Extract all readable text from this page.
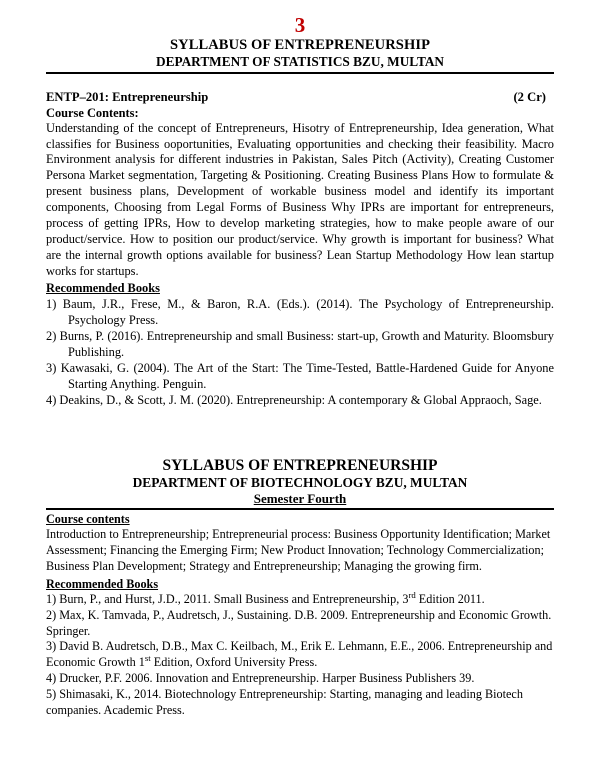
3
SYLLABUS OF ENTREPRENEURSHIP
DEPARTMENT OF STATISTICS BZU, MULTAN
ENTP–201: Entrepreneurship	(2 Cr)
Course Contents:

Understanding of the concept of Entrepreneurs, Hisotry of Entrepreneurship, Idea generation, What classifies for Business ooportunities, Evaluating opportunities and checking their feasibility. Macro Environment analysis for different industries in Pakistan, Sales Pitch (Activity), Creating Customer Persona Market segmentation, Targeting & Positioning. Creating Business Plans How to formulate & present business plans, Development of workable business model and identify its important components, Choosing from Legal Forms of Business Why IPRs are important for entrepreneurs, process of getting IPRs, How to develop marketing strategies, how to make people aware of our product/service. How to position our product/service. Why growth is important for business? What are the internal growth options available for business? Lean Startup Methodology How lean startup works for startups.

Recommended Books
1) Baum, J.R., Frese, M., & Baron, R.A. (Eds.). (2014). The Psychology of Entrepreneurship. Psychology Press.
2) Burns, P. (2016). Entrepreneurship and small Business: start-up, Growth and Maturity. Bloomsbury Publishing.
3) Kawasaki, G. (2004). The Art of the Start: The Time-Tested, Battle-Hardened Guide for Anyone Starting Anything. Penguin.
4) Deakins, D., & Scott, J. M. (2020). Entrepreneurship: A contemporary & Global Appraoch, Sage.
SYLLABUS OF ENTREPRENEURSHIP
DEPARTMENT OF BIOTECHNOLOGY BZU, MULTAN
Semester Fourth
Course contents

Introduction to Entrepreneurship; Entrepreneurial process: Business Opportunity Identification; Market Assessment; Financing the Emerging Firm; New Product Innovation; Technology Commercialization; Business Plan Development; Strategy and Entrepreneurship; Managing the growing firm.

Recommended Books

1) Burn, P., and Hurst, J.D., 2011. Small Business and Entrepreneurship, 3rd Edition 2011.

2) Max, K. Tamvada, P., Audretsch, J., Sustaining. D.B. 2009. Entrepreneurship and Economic Growth. Springer.

3) David B. Audretsch, D.B., Max C. Keilbach, M., Erik E. Lehmann, E.E., 2006. Entrepreneurship and Economic Growth 1st Edition, Oxford University Press.

4) Drucker, P.F. 2006. Innovation and Entrepreneurship. Harper Business Publishers 39.

5) Shimasaki, K., 2014. Biotechnology Entrepreneurship: Starting, managing and leading Biotech companies. Academic Press.
